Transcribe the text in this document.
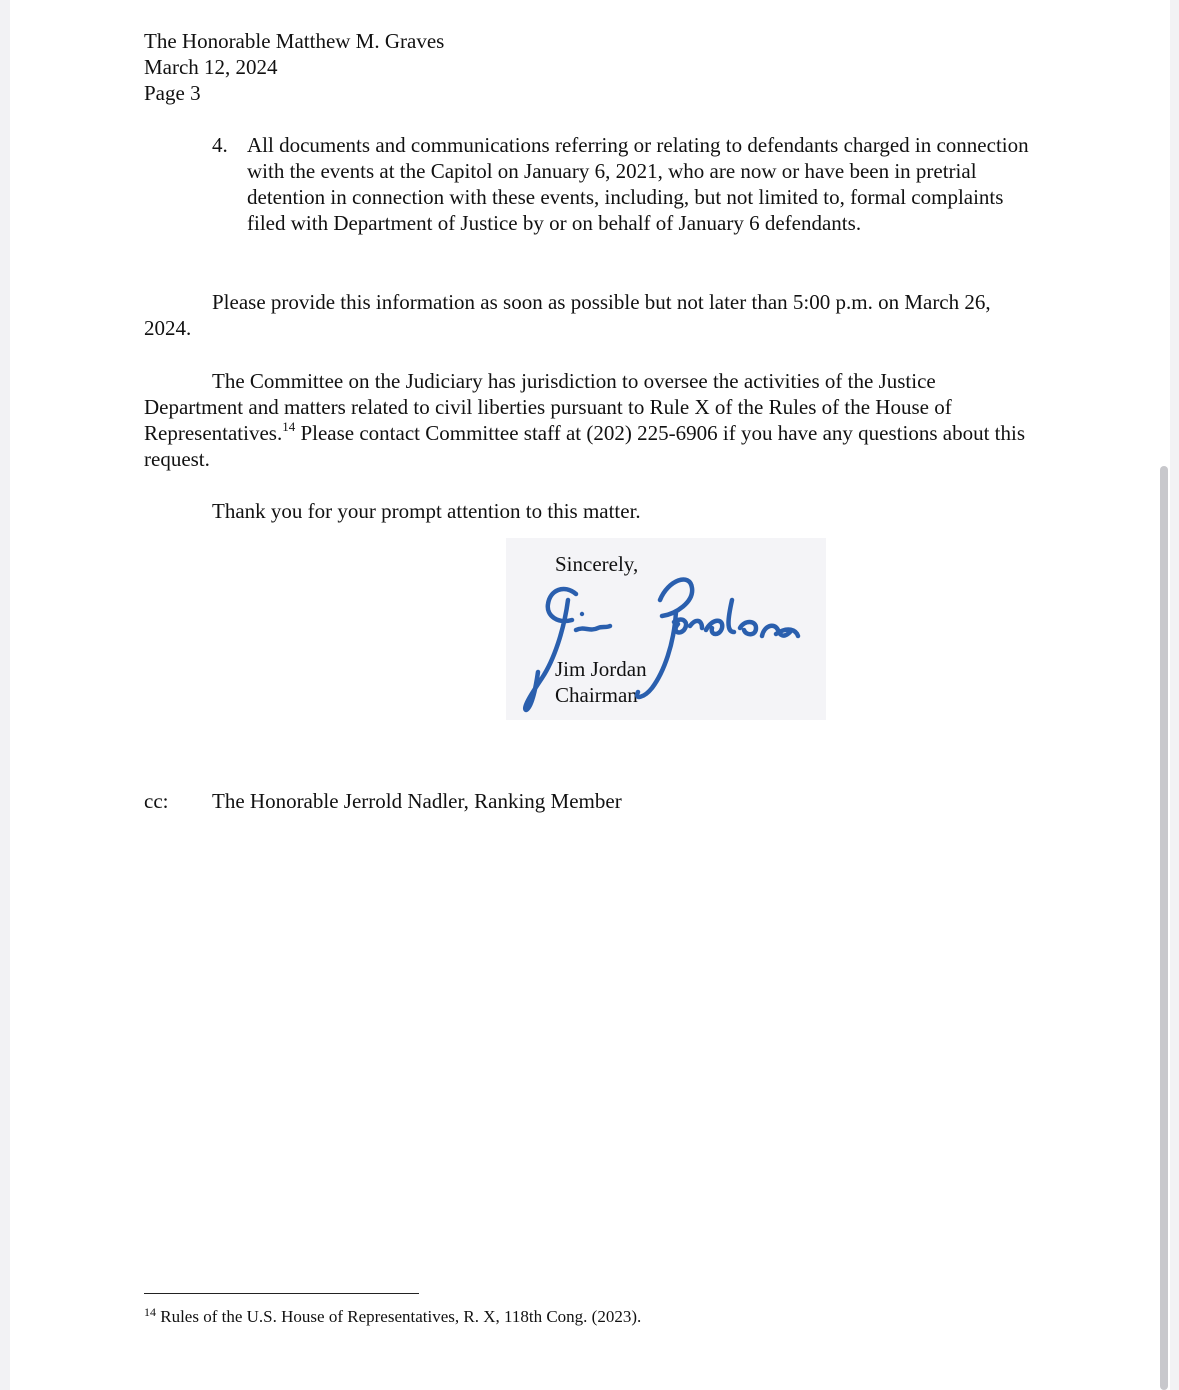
The Honorable Matthew M. Graves
March 12, 2024
Page 3
4. All documents and communications referring or relating to defendants charged in connection with the events at the Capitol on January 6, 2021, who are now or have been in pretrial detention in connection with these events, including, but not limited to, formal complaints filed with Department of Justice by or on behalf of January 6 defendants.
Please provide this information as soon as possible but not later than 5:00 p.m. on March 26, 2024.
The Committee on the Judiciary has jurisdiction to oversee the activities of the Justice Department and matters related to civil liberties pursuant to Rule X of the Rules of the House of Representatives.$^{14}$ Please contact Committee staff at (202) 225-6906 if you have any questions about this request.
Thank you for your prompt attention to this matter.
Sincerely,
Jim Jordan
Chairman
cc: The Honorable Jerrold Nadler, Ranking Member
$^{14}$ Rules of the U.S. House of Representatives, R. X, 118th Cong. (2023).
